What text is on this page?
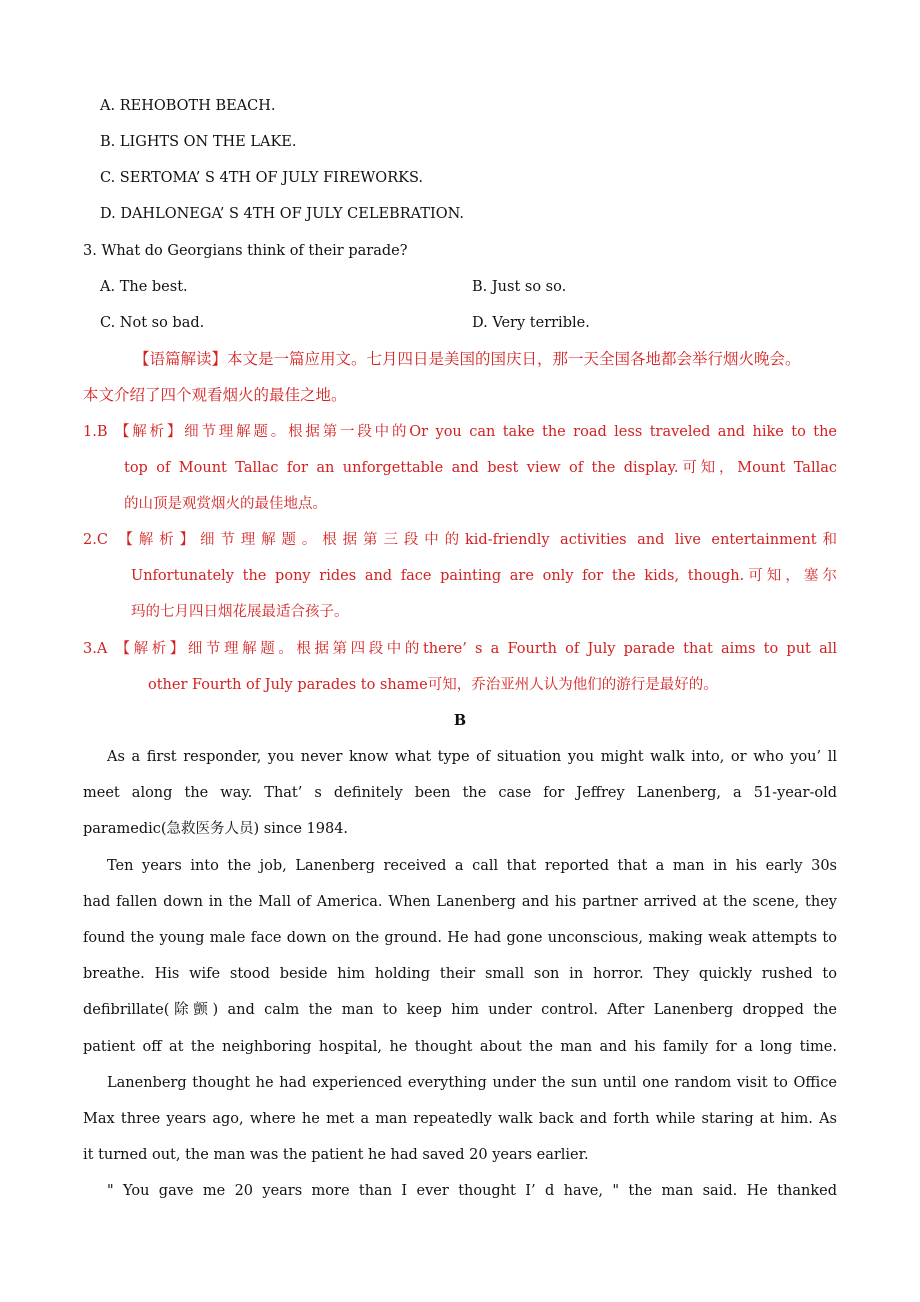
A. REHOBOTH BEACH.
B. LIGHTS ON THE LAKE.
C. SERTOMA’ S 4TH OF JULY FIREWORKS.
D. DAHLONEGA’ S 4TH OF JULY CELEBRATION.
3. What do Georgians think of their parade?
A. The best.	B. Just so so.
C. Not so bad.	D. Very terrible.
【语篇解读】本文是一篇应用文。七月四日是美国的国庆日，那一天全国各地都会举行烟火晚会。
本文介绍了四个观看烟火的最佳之地。
1.B 【解析】细节理解题。根据第一段中的Or you can take the road less traveled and hike to the
top of Mount Tallac for an unforgettable and best view of the display.可知，Mount Tallac
的山顶是观赏烟火的最佳地点。
2.C 【解析】细节理解题。根据第三段中的kid-friendly activities and live entertainment和
Unfortunately the pony rides and face painting are only for the kids, though.可知，塞尔
玛的七月四日烟花展最适合孩子。
3.A 【解析】细节理解题。根据第四段中的there’ s a Fourth of July parade that aims to put all
other Fourth of July parades to shame可知，乔治亚州人认为他们的游行是最好的。
B
As a first responder, you never know what type of situation you might walk into, or who you’ ll
meet along the way. That’ s definitely been the case for Jeffrey Lanenberg, a 51-year-old
paramedic(急救医务人员) since 1984.
Ten years into the job, Lanenberg received a call that reported that a man in his early 30s
had fallen down in the Mall of America. When Lanenberg and his partner arrived at the scene, they
found the young male face down on the ground. He had gone unconscious, making weak attempts to
breathe. His wife stood beside him holding their small son in horror. They quickly rushed to
defibrillate(除颤) and calm the man to keep him under control. After Lanenberg dropped the
patient off at the neighboring hospital, he thought about the man and his family for a long time.
Lanenberg thought he had experienced everything under the sun until one random visit to Office
Max three years ago, where he met a man repeatedly walk back and forth while staring at him. As
it turned out, the man was the patient he had saved 20 years earlier.
" You gave me 20 years more than I ever thought I’ d have, " the man said. He thanked
